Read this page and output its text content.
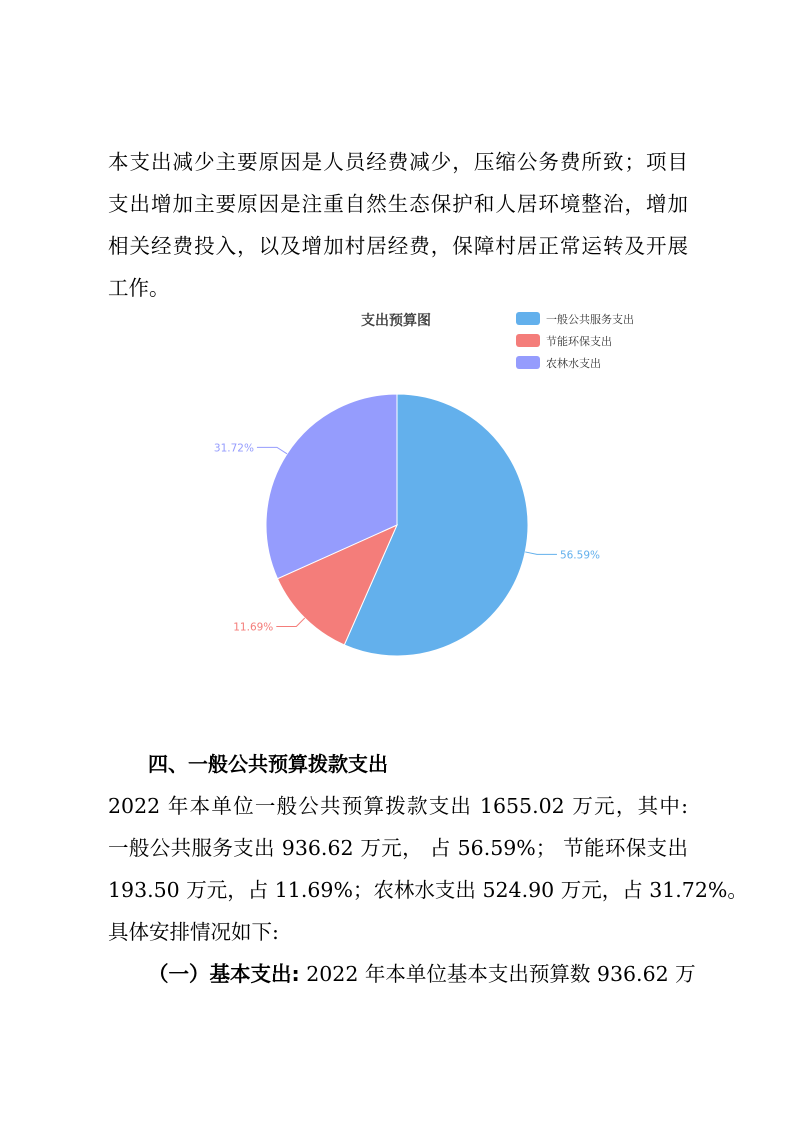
本支出减少主要原因是人员经费减少，压缩公务费所致；项目

支出增加主要原因是注重自然生态保护和人居环境整治，增加

相关经费投入，以及增加村居经费，保障村居正常运转及开展

工作。

支出预算图	一般公共服务支出
节能环保支出
农林水支出
56.59%
11.69%
31.72%
四、一般公共预算拨款支出

2022 年本单位一般公共预算拨款支出 1655.02 万元，其中:

一般公共服务支出 936.62 万元， 占 56.59%； 节能环保支出

193.50 万元，占 11.69%；农林水支出 524.90 万元，占 31.72%。

具体安排情况如下:

（一）基本支出: 2022 年本单位基本支出预算数 936.62 万
